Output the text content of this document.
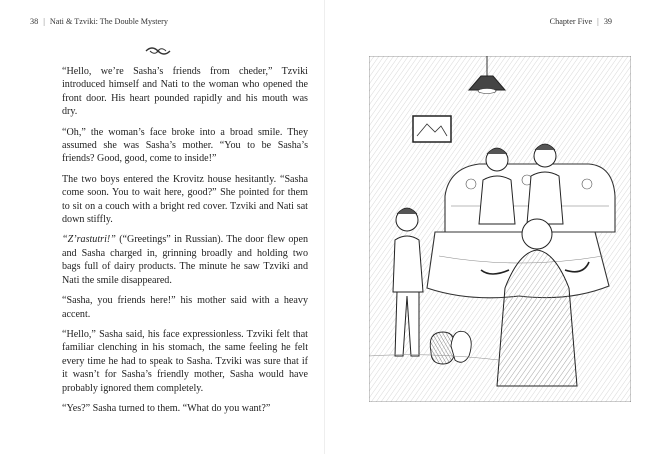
38 | Nati & Tzviki: The Double Mystery

“Hello, we’re Sasha’s friends from cheder,” Tzviki introduced himself and Nati to the woman who opened the front door. His heart pounded rapidly and his mouth was dry.

“Oh,” the woman’s face broke into a broad smile. They assumed she was Sasha’s mother. “You to be Sasha’s friends? Good, good, come to inside!”

The two boys entered the Krovitz house hesitantly. “Sasha come soon. You to wait here, good?” She pointed for them to sit on a couch with a bright red cover. Tzviki and Nati sat down stiffly.

“Z’rastutri!” (“Greetings” in Russian). The door flew open and Sasha charged in, grinning broadly and holding two bags full of dairy products. The minute he saw Tzviki and Nati the smile disappeared.

“Sasha, you friends here!” his mother said with a heavy accent.

“Hello,” Sasha said, his face expressionless. Tzviki felt that familiar clenching in his stomach, the same feeling he felt every time he had to speak to Sasha. Tzviki was sure that if it wasn’t for Sasha’s friendly mother, Sasha would have probably ignored them completely.

“Yes?” Sasha turned to them. “What do you want?”

Chapter Five | 39
